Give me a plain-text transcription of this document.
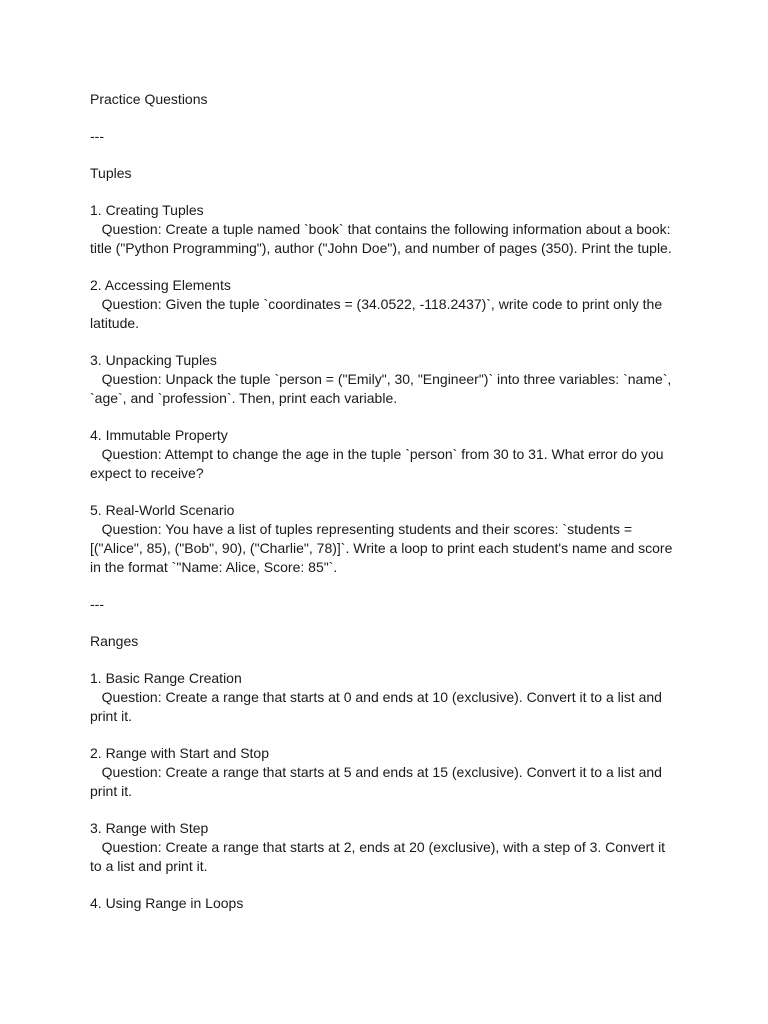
Practice Questions

---

Tuples

1. Creating Tuples

Question: Create a tuple named `book` that contains the following information about a book: title ("Python Programming"), author ("John Doe"), and number of pages (350). Print the tuple.

2. Accessing Elements

Question: Given the tuple `coordinates = (34.0522, -118.2437)`, write code to print only the latitude.

3. Unpacking Tuples

Question: Unpack the tuple `person = ("Emily", 30, "Engineer")` into three variables: `name`, `age`, and `profession`. Then, print each variable.

4. Immutable Property

Question: Attempt to change the age in the tuple `person` from 30 to 31. What error do you expect to receive?

5. Real-World Scenario

Question: You have a list of tuples representing students and their scores: `students = [("Alice", 85), ("Bob", 90), ("Charlie", 78)]`. Write a loop to print each student's name and score in the format `"Name: Alice, Score: 85"`.

---

Ranges

1. Basic Range Creation

Question: Create a range that starts at 0 and ends at 10 (exclusive). Convert it to a list and print it.

2. Range with Start and Stop

Question: Create a range that starts at 5 and ends at 15 (exclusive). Convert it to a list and print it.

3. Range with Step

Question: Create a range that starts at 2, ends at 20 (exclusive), with a step of 3. Convert it to a list and print it.

4. Using Range in Loops
